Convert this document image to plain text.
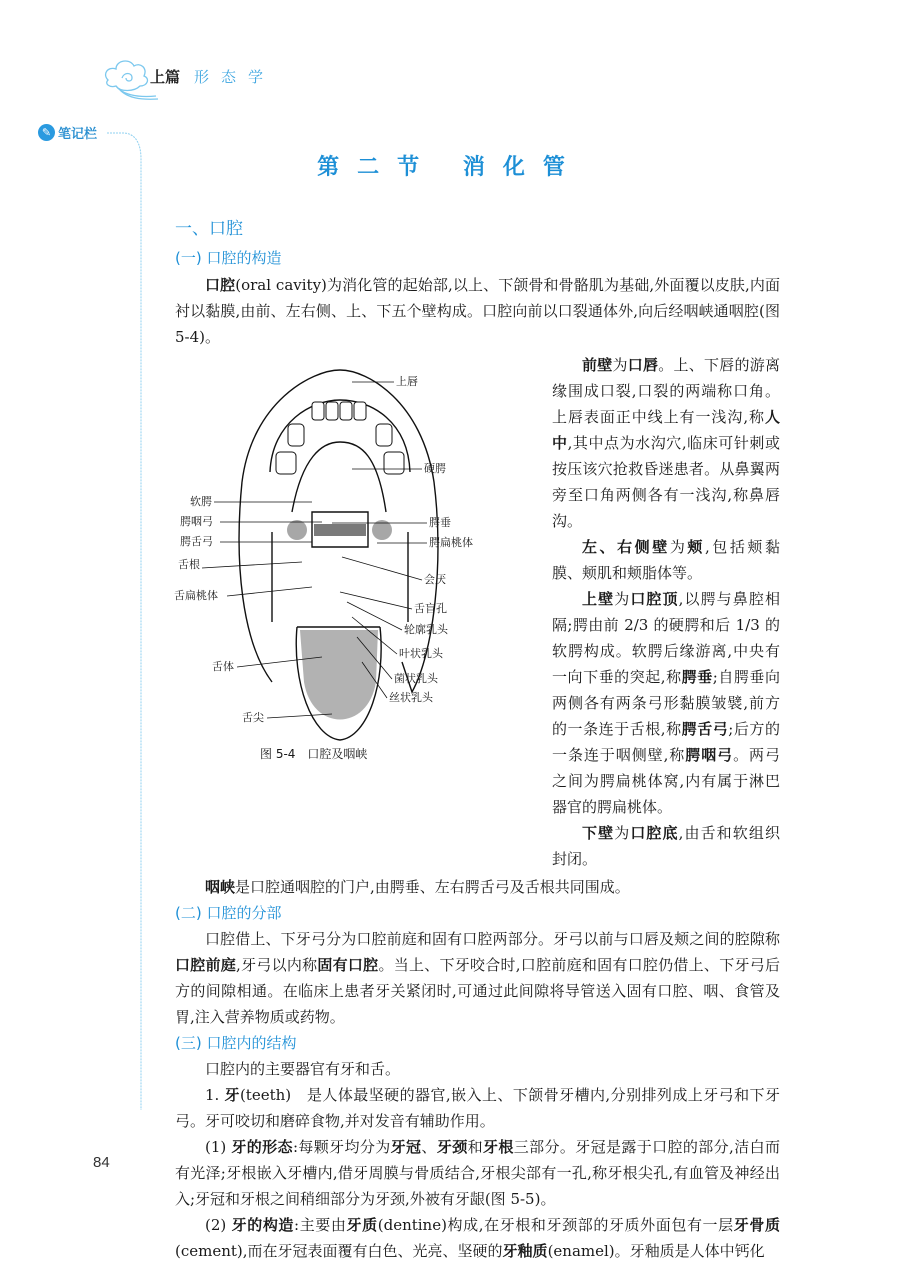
上篇 形态学
✎ 笔记栏
第二节 消化管
一、口腔
(一) 口腔的构造
口腔(oral cavity)为消化管的起始部,以上、下颌骨和骨骼肌为基础,外面覆以皮肤,内面衬以黏膜,由前、左右侧、上、下五个壁构成。口腔向前以口裂通体外,向后经咽峡通咽腔(图 5-4)。
上唇
硬腭
腭垂
腭扁桃体
会厌
舌盲孔
轮廓乳头
叶状乳头
菌状乳头
丝状乳头
软腭
腭咽弓
腭舌弓
舌根
舌扁桃体
舌体
舌尖
图 5-4　口腔及咽峡
前壁为口唇。上、下唇的游离缘围成口裂,口裂的两端称口角。上唇表面正中线上有一浅沟,称人中,其中点为水沟穴,临床可针刺或按压该穴抢救昏迷患者。从鼻翼两旁至口角两侧各有一浅沟,称鼻唇沟。
左、右侧壁为颊,包括颊黏膜、颊肌和颊脂体等。
上壁为口腔顶,以腭与鼻腔相隔;腭由前 2/3 的硬腭和后 1/3 的软腭构成。软腭后缘游离,中央有一向下垂的突起,称腭垂;自腭垂向两侧各有两条弓形黏膜皱襞,前方的一条连于舌根,称腭舌弓;后方的一条连于咽侧壁,称腭咽弓。两弓之间为腭扁桃体窝,内有属于淋巴器官的腭扁桃体。
下壁为口腔底,由舌和软组织封闭。
咽峡是口腔通咽腔的门户,由腭垂、左右腭舌弓及舌根共同围成。
(二) 口腔的分部
口腔借上、下牙弓分为口腔前庭和固有口腔两部分。牙弓以前与口唇及颊之间的腔隙称口腔前庭,牙弓以内称固有口腔。当上、下牙咬合时,口腔前庭和固有口腔仍借上、下牙弓后方的间隙相通。在临床上患者牙关紧闭时,可通过此间隙将导管送入固有口腔、咽、食管及胃,注入营养物质或药物。
(三) 口腔内的结构
口腔内的主要器官有牙和舌。
1. 牙(teeth)　是人体最坚硬的器官,嵌入上、下颌骨牙槽内,分别排列成上牙弓和下牙弓。牙可咬切和磨碎食物,并对发音有辅助作用。
(1) 牙的形态:每颗牙均分为牙冠、牙颈和牙根三部分。牙冠是露于口腔的部分,洁白而有光泽;牙根嵌入牙槽内,借牙周膜与骨质结合,牙根尖部有一孔,称牙根尖孔,有血管及神经出入;牙冠和牙根之间稍细部分为牙颈,外被有牙龈(图 5-5)。
(2) 牙的构造:主要由牙质(dentine)构成,在牙根和牙颈部的牙质外面包有一层牙骨质(cement),而在牙冠表面覆有白色、光亮、坚硬的牙釉质(enamel)。牙釉质是人体中钙化
84
